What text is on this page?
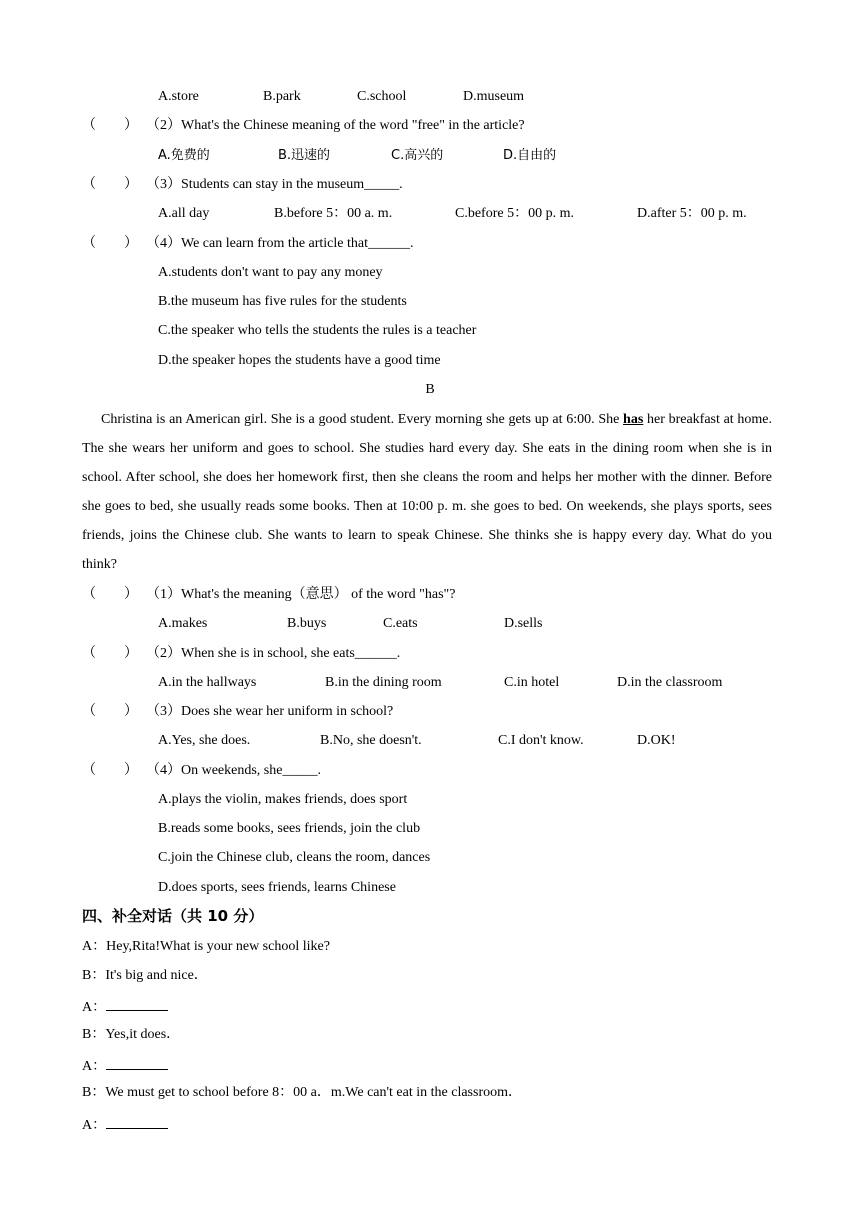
A.store	B.park	C.school	D.museum
（　　） （2）What's the Chinese meaning of the word "free" in the article?
A.免费的	B.迅速的	C.高兴的	D.自由的
（　　） （3）Students can stay in the museum_____.
A.all day	B.before 5：00 a. m.	C.before 5：00 p. m.	D.after 5：00 p. m.
（　　） （4）We can learn from the article that______.
A.students don't want to pay any money
B.the museum has five rules for the students
C.the speaker who tells the students the rules is a teacher
D.the speaker hopes the students have a good time
B

Christina is an American girl. She is a good student. Every morning she gets up at 6:00. She has her breakfast at home. The she wears her uniform and goes to school. She studies hard every day. She eats in the dining room when she is in school. After school, she does her homework first, then she cleans the room and helps her mother with the dinner. Before she goes to bed, she usually reads some books. Then at 10:00 p. m. she goes to bed. On weekends, she plays sports, sees friends, joins the Chinese club. She wants to learn to speak Chinese. She thinks she is happy every day. What do you think?

（　　） （1）What's the meaning（意思） of the word "has"?
A.makes	B.buys	C.eats	D.sells
（　　） （2）When she is in school, she eats______.
A.in the hallways	B.in the dining room	C.in hotel	D.in the classroom
（　　） （3）Does she wear her uniform in school?
A.Yes, she does.	B.No, she doesn't.	C.I don't know.	D.OK!
（　　） （4）On weekends, she_____.
A.plays the violin, makes friends, does sport
B.reads some books, sees friends, join the club
C.join the Chinese club, cleans the room, dances
D.does sports, sees friends, learns Chinese
四、补全对话（共 10 分）
A：Hey,Rita!What is your new school like?
B：It's big and nice．
A：
B：Yes,it does．
A：
B：We must get to school before 8：00 a．m.We can't eat in the classroom．
A：
